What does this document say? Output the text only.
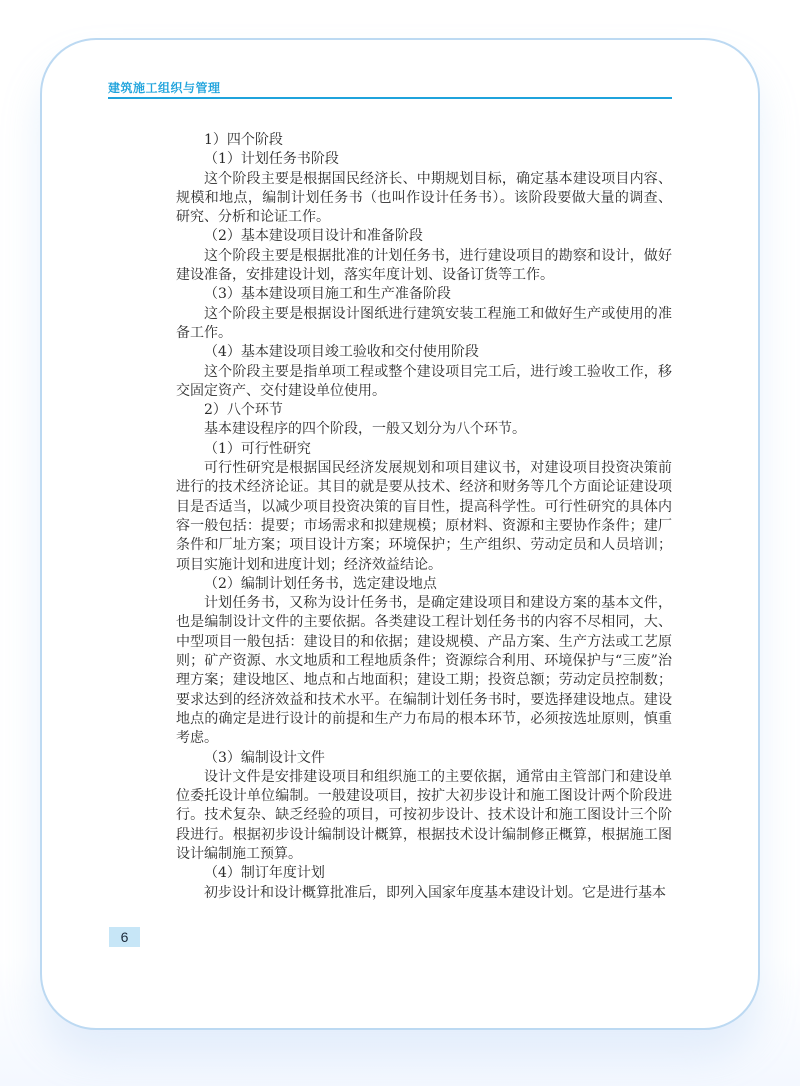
建筑施工组织与管理

1）四个阶段

（1）计划任务书阶段

这个阶段主要是根据国民经济长、中期规划目标，确定基本建设项目内容、规模和地点，编制计划任务书（也叫作设计任务书）。该阶段要做大量的调查、研究、分析和论证工作。

（2）基本建设项目设计和准备阶段

这个阶段主要是根据批准的计划任务书，进行建设项目的勘察和设计，做好建设准备，安排建设计划，落实年度计划、设备订货等工作。

（3）基本建设项目施工和生产准备阶段

这个阶段主要是根据设计图纸进行建筑安装工程施工和做好生产或使用的准备工作。

（4）基本建设项目竣工验收和交付使用阶段

这个阶段主要是指单项工程或整个建设项目完工后，进行竣工验收工作，移交固定资产、交付建设单位使用。

2）八个环节

基本建设程序的四个阶段，一般又划分为八个环节。

（1）可行性研究

可行性研究是根据国民经济发展规划和项目建议书，对建设项目投资决策前进行的技术经济论证。其目的就是要从技术、经济和财务等几个方面论证建设项目是否适当，以减少项目投资决策的盲目性，提高科学性。可行性研究的具体内容一般包括：提要；市场需求和拟建规模；原材料、资源和主要协作条件；建厂条件和厂址方案；项目设计方案；环境保护；生产组织、劳动定员和人员培训；项目实施计划和进度计划；经济效益结论。

（2）编制计划任务书，选定建设地点

计划任务书，又称为设计任务书，是确定建设项目和建设方案的基本文件，也是编制设计文件的主要依据。各类建设工程计划任务书的内容不尽相同，大、中型项目一般包括：建设目的和依据；建设规模、产品方案、生产方法或工艺原则；矿产资源、水文地质和工程地质条件；资源综合利用、环境保护与“三废”治理方案；建设地区、地点和占地面积；建设工期；投资总额；劳动定员控制数；要求达到的经济效益和技术水平。在编制计划任务书时，要选择建设地点。建设地点的确定是进行设计的前提和生产力布局的根本环节，必须按选址原则，慎重考虑。

（3）编制设计文件

设计文件是安排建设项目和组织施工的主要依据，通常由主管部门和建设单位委托设计单位编制。一般建设项目，按扩大初步设计和施工图设计两个阶段进行。技术复杂、缺乏经验的项目，可按初步设计、技术设计和施工图设计三个阶段进行。根据初步设计编制设计概算，根据技术设计编制修正概算，根据施工图设计编制施工预算。

（4）制订年度计划

初步设计和设计概算批准后，即列入国家年度基本建设计划。它是进行基本

6
